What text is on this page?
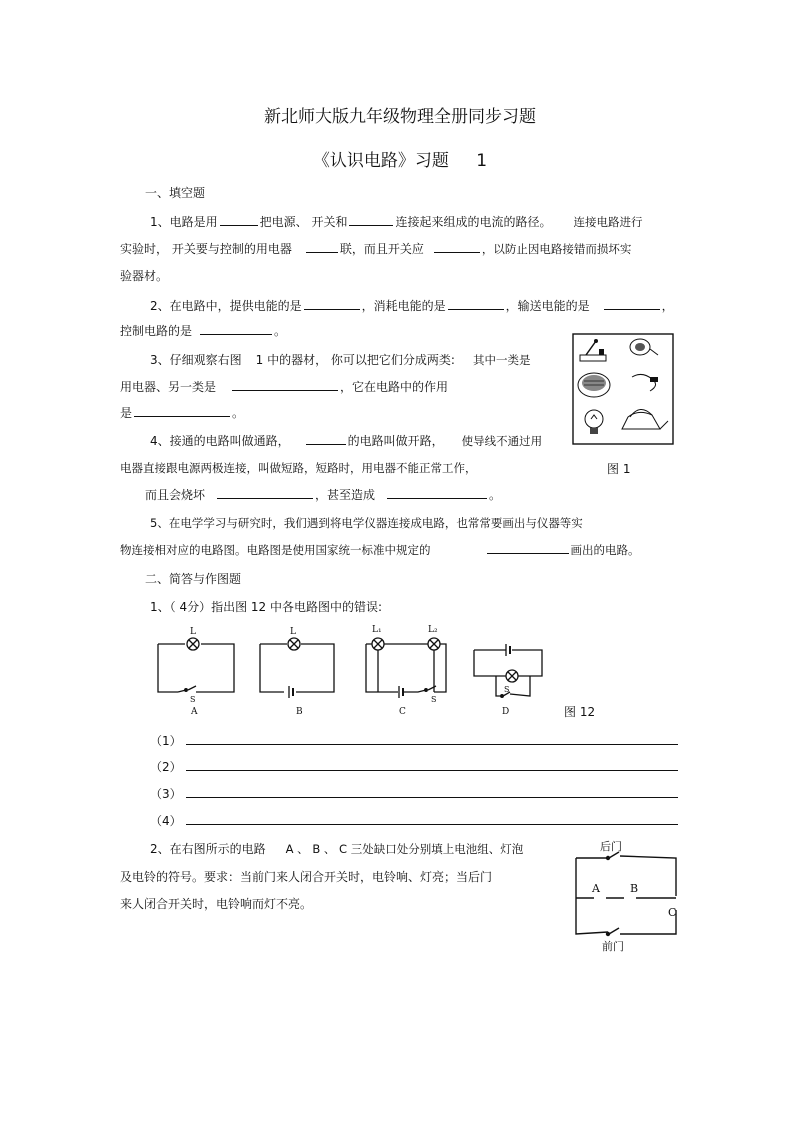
新北师大版九年级物理全册同步习题
《认识电路》习题 1
一、填空题
1、电路是用	把电源、 开关和	连接起来组成的电流的路径。 连接电路进行
实验时， 开关要与控制的用电器	联，而且开关应	，以防止因电路接错而损坏实
验器材。
2、在电路中，提供电能的是	，消耗电能的是	，输送电能的是	，
控制电路的是	。
3、仔细观察右图 1 中的器材， 你可以把它们分成两类: 其中一类是
用电器、另一类是	，它在电路中的作用
是	。
4、接通的电路叫做通路，	的电路叫做开路， 使导线不通过用
电器直接跟电源两极连接，叫做短路，短路时，用电器不能正常工作，	图 1
而且会烧坏	，甚至造成	。
5、在电学学习与研究时，我们遇到将电学仪器连接成电路，也常常要画出与仪器等实
物连接相对应的电路图。电路图是使用国家统一标准中规定的	画出的电路。
二、简答与作图题
1、（ 4分）指出图 12 中各电路图中的错误:
L
S
A
L
B
L₁	L₂
S
C
S
D	图 12
（1）
（2）
（3）
（4）
2、在右图所示的电路 A 、 B 、 C 三处缺口处分别填上电池组、灯泡
及电铃的符号。要求：当前门来人闭合开关时，电铃响、灯亮；当后门
来人闭合开关时，电铃响而灯不亮。
后门
前门
A	B
C
